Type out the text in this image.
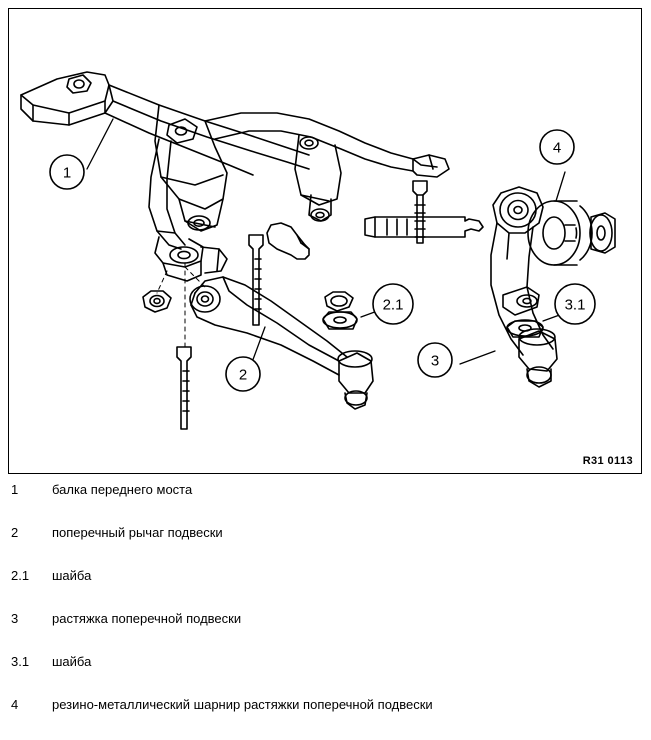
1
2
2.1
3
3.1
4
R31 0113
1	балка переднего моста
2	поперечный рычаг подвески
2.1	шайба
3	растяжка поперечной подвески
3.1	шайба
4	резино-металлический шарнир растяжки поперечной подвески
